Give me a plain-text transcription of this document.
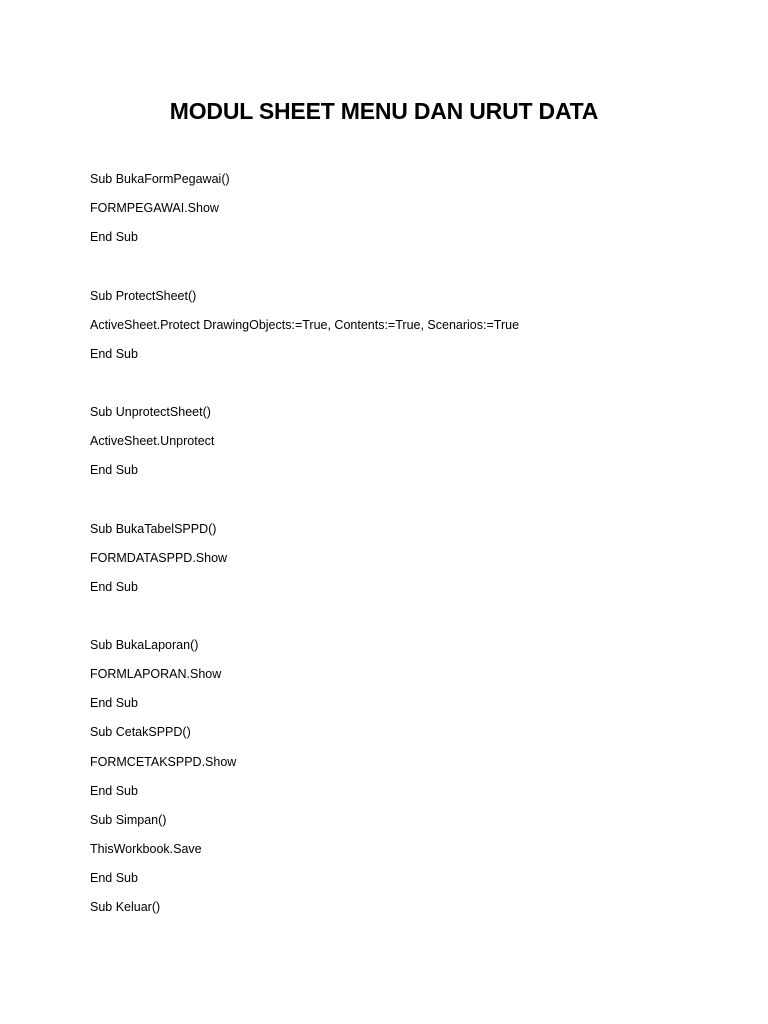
MODUL SHEET MENU DAN URUT DATA
Sub BukaFormPegawai()
FORMPEGAWAI.Show
End Sub
Sub ProtectSheet()
ActiveSheet.Protect DrawingObjects:=True, Contents:=True, Scenarios:=True
End Sub
Sub UnprotectSheet()
ActiveSheet.Unprotect
End Sub
Sub BukaTabelSPPD()
FORMDATASPPD.Show
End Sub
Sub BukaLaporan()
FORMLAPORAN.Show
End Sub
Sub CetakSPPD()
FORMCETAKSPPD.Show
End Sub
Sub Simpan()
ThisWorkbook.Save
End Sub
Sub Keluar()
